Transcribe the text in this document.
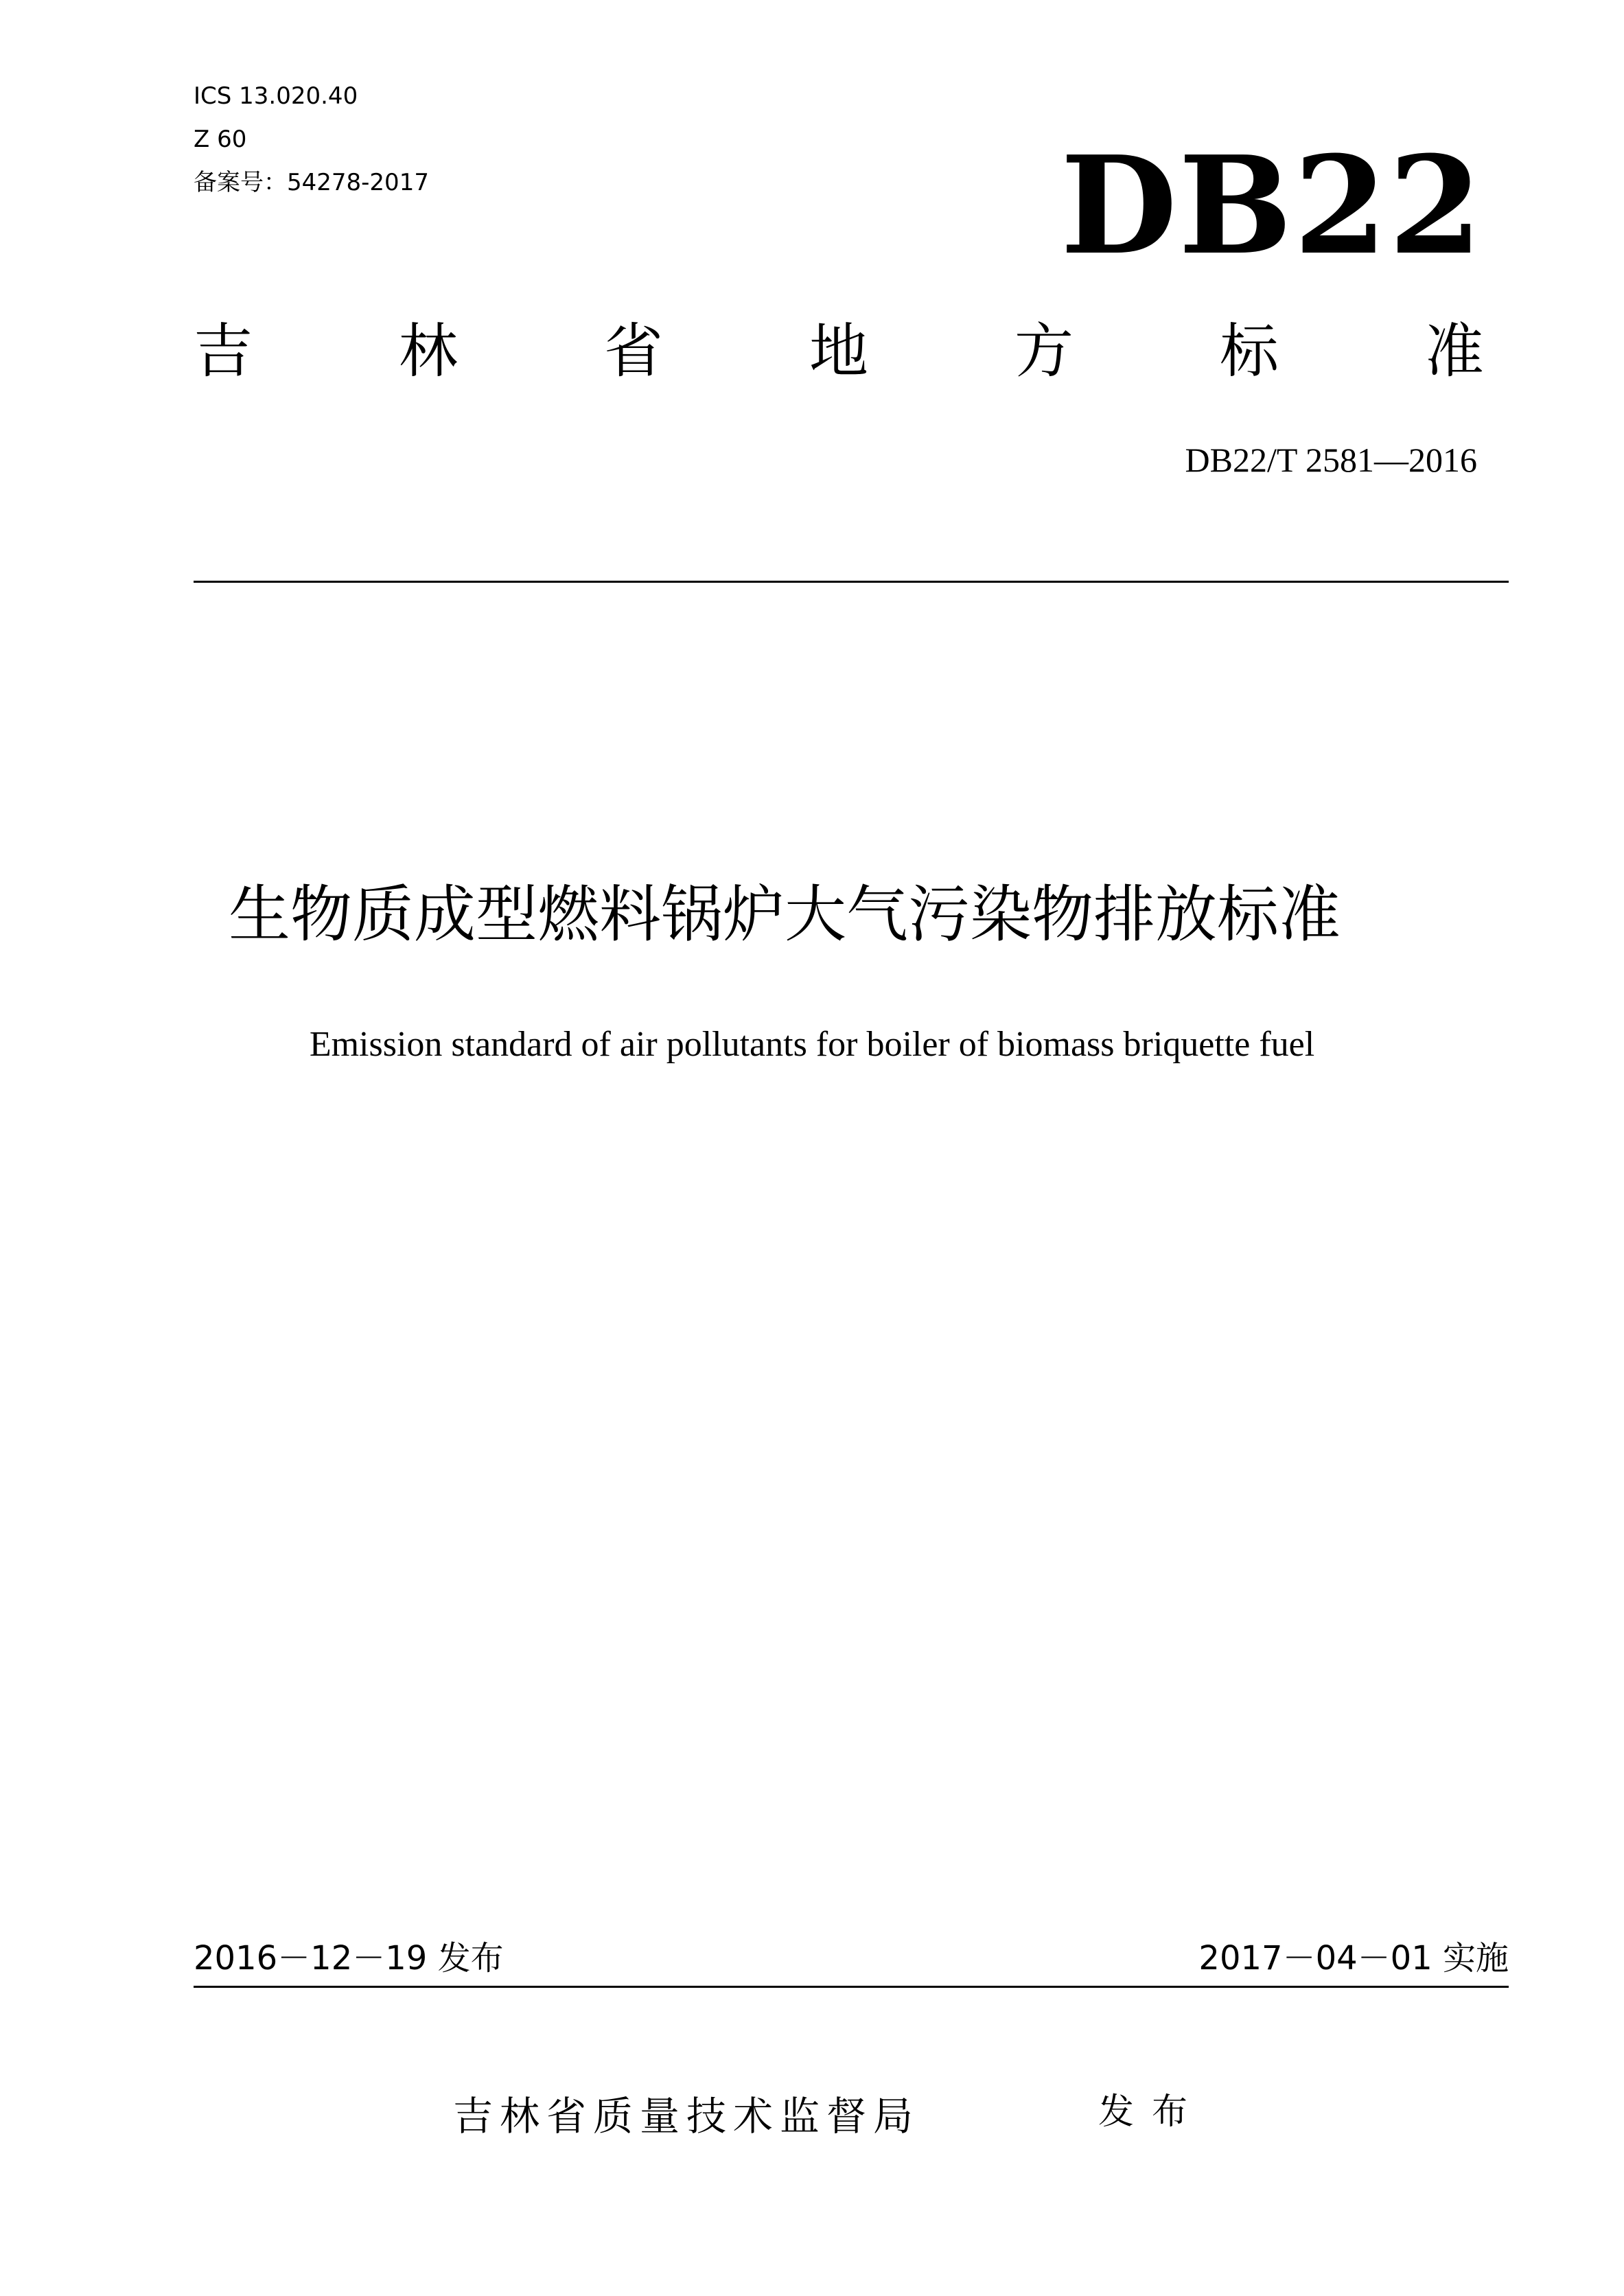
ICS 13.020.40
Z 60
备案号：54278-2017	DB22
吉 林 省 地 方 标 准
DB22/T 2581—2016
生物质成型燃料锅炉大气污染物排放标准
Emission standard of air pollutants for boiler of biomass briquette fuel
2016－12－19 发布	2017－04－01 实施
吉林省质量技术监督局	发布
